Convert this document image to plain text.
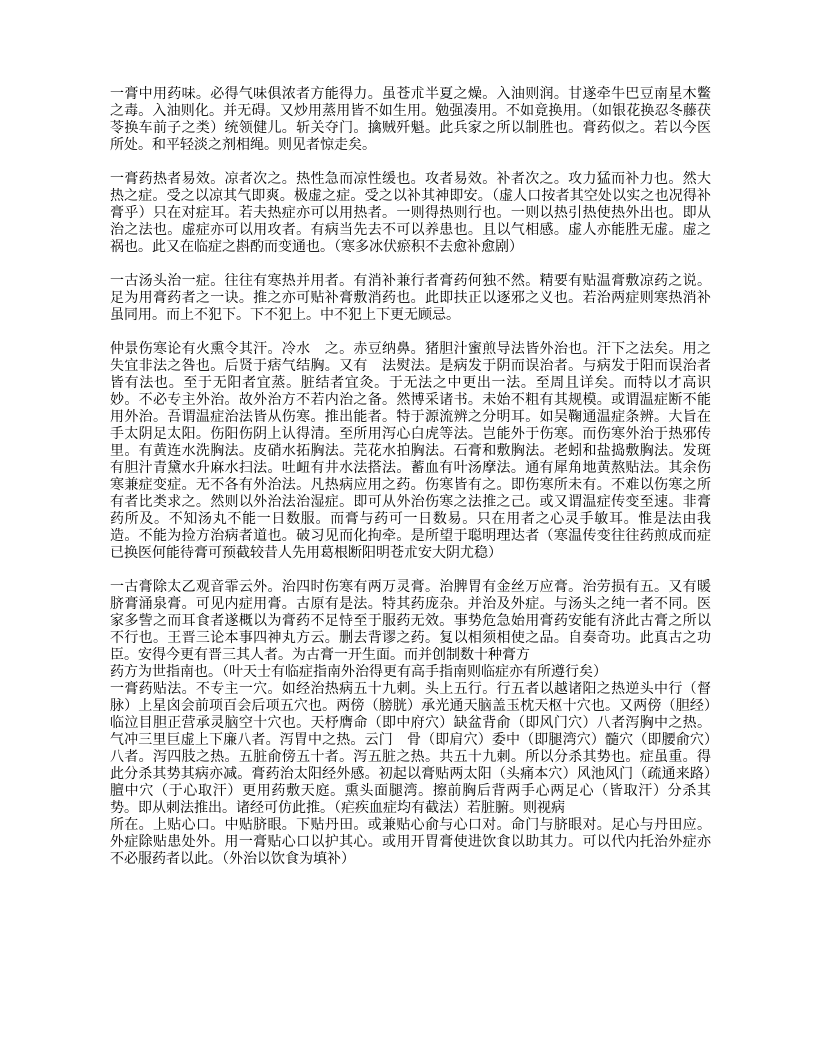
一膏中用药味。必得气味俱浓者方能得力。虽苍朮半夏之燥。入油则润。甘遂牵牛巴豆南星木鳖之毒。入油则化。并无碍。又炒用蒸用皆不如生用。勉强凑用。不如竟换用。（如银花换忍冬藤茯苓换车前子之类）统领健儿。斩关夺门。擒贼歼魁。此兵家之所以制胜也。膏药似之。若以今医所处。和平轻淡之剂相绳。则见者惊走矣。
一膏药热者易效。凉者次之。热性急而凉性缓也。攻者易效。补者次之。攻力猛而补力也。然大热之症。受之以凉其气即爽。极虚之症。受之以补其神即安。（虚人口按者其空处以实之也况得补膏乎）只在对症耳。若夫热症亦可以用热者。一则得热则行也。一则以热引热使热外出也。即从治之法也。虚症亦可以用攻者。有病当先去不可以养患也。且以气相感。虚人亦能胜无虚。虚之祸也。此又在临症之斟酌而变通也。（寒多冰伏瘀积不去愈补愈剧）
一古汤头治一症。往往有寒热并用者。有消补兼行者膏药何独不然。精要有贴温膏敷凉药之说。足为用膏药者之一诀。推之亦可贴补膏敷消药也。此即扶正以逐邪之义也。若治两症则寒热消补虽同用。而上不犯下。下不犯上。中不犯上下更无顾忌。
仲景伤寒论有火熏令其汗。冷水　之。赤豆纳鼻。猪胆汁蜜煎导法皆外治也。汗下之法矣。用之失宜非法之咎也。后贤于痞气结胸。又有　法熨法。是病发于阴而误治者。与病发于阳而误治者皆有法也。至于无阳者宜蒸。脏结者宜灸。于无法之中更出一法。至周且详矣。而特以才高识妙。不必专主外治。故外治方不若内治之备。然博采诸书。未始不粗有其规模。或谓温症断不能用外治。吾谓温症治法皆从伤寒。推出能者。特于源流辨之分明耳。如吴鞠通温症条辨。大旨在手太阴足太阳。伤阳伤阴上认得清。至所用泻心白虎等法。岂能外于伤寒。而伤寒外治于热邪传里。有黄连水洗胸法。皮硝水拓胸法。芫花水拍胸法。石膏和敷胸法。老蚓和盐捣敷胸法。发斑有胆汁青黛水升麻水扫法。吐衄有井水法搭法。蓄血有叶汤摩法。通有犀角地黄熬贴法。其余伤寒兼症变症。无不各有外治法。凡热病应用之药。伤寒皆有之。即伤寒所未有。不难以伤寒之所有者比类求之。然则以外治法治湿症。即可从外治伤寒之法推之己。或又谓温症传变至速。非膏药所及。不知汤丸不能一日数服。而膏与药可一日数易。只在用者之心灵手敏耳。惟是法由我造。不能为捡方治病者道也。破习见而化拘牵。是所望于聪明理达者（寒温传变往往药煎成而症已换医何能待膏可预截较昔人先用葛根断阳明苍朮安大阴尤稳）
一古膏除太乙观音霏云外。治四时伤寒有两万灵膏。治脾胃有金丝万应膏。治劳损有五。又有暖脐膏涌泉膏。可见内症用膏。古原有是法。特其药庞杂。并治及外症。与汤头之纯一者不同。医家多訾之而耳食者遂概以为膏药不足恃至于服药无效。事势危急始用膏药安能有济此古膏之所以不行也。王晋三论本事四神丸方云。删去背谬之药。复以相须相使之品。自奏奇功。此真古之功臣。安得今更有晋三其人者。为古膏一开生面。而并创制数十种膏方
药方为世指南也。（叶天士有临症指南外治得更有高手指南则临症亦有所遵行矣）
一膏药贴法。不专主一穴。如经治热病五十九刺。头上五行。行五者以越诸阳之热逆头中行（督脉）上星囟会前项百会后项五穴也。两傍（膀胱）承光通天脑盖玉枕天枢十穴也。又两傍（胆经）临泣目胆正营承灵脑空十穴也。天杼膺命（即中府穴）缺盆背俞（即风门穴）八者泻胸中之热。气冲三里巨虚上下廉八者。泻胃中之热。云门　骨（即肩穴）委中（即腿湾穴）髓穴（即腰俞穴）八者。泻四肢之热。五脏俞傍五十者。泻五脏之热。共五十九刺。所以分杀其势也。症虽重。得此分杀其势其病亦减。膏药治太阳经外感。初起以膏贴两太阳（头痛本穴）风池风门（疏通来路）膻中穴（于心取汗）更用药敷天庭。熏头面腿湾。擦前胸后背两手心两足心（皆取汗）分杀其势。即从刺法推出。诸经可仿此推。（疟疾血症均有截法）若脏腑。则视病
所在。上贴心口。中贴脐眼。下贴丹田。或兼贴心俞与心口对。命门与脐眼对。足心与丹田应。外症除贴患处外。用一膏贴心口以护其心。或用开胃膏使进饮食以助其力。可以代内托治外症亦不必服药者以此。（外治以饮食为填补）
